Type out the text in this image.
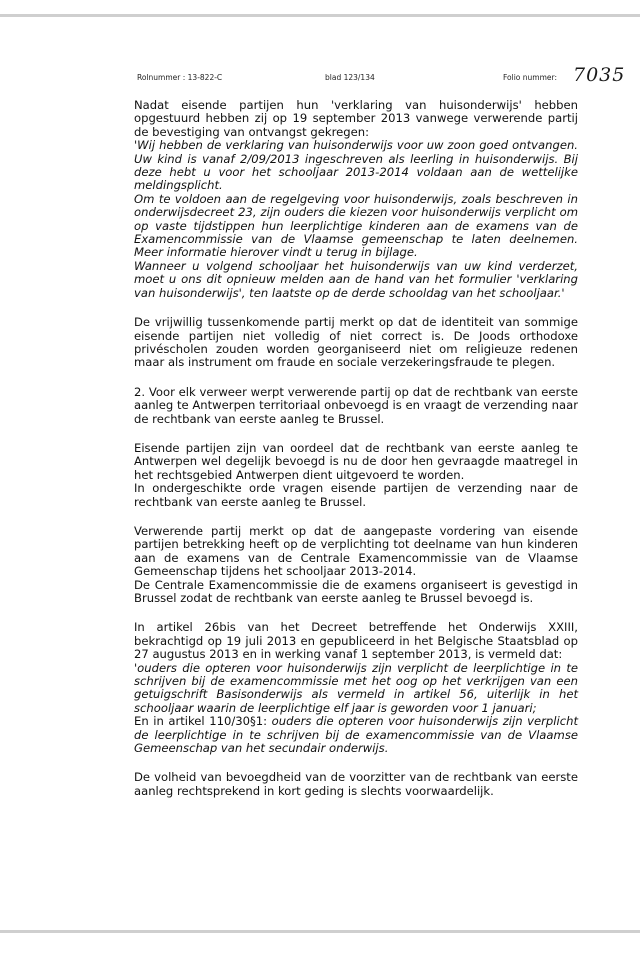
Rolnummer : 13-822-C	blad 123/134	Folio nummer: 7035

Nadat eisende partijen hun 'verklaring van huisonderwijs' hebben opgestuurd hebben zij op 19 september 2013 vanwege verwerende partij de bevestiging van ontvangst gekregen:
'Wij hebben de verklaring van huisonderwijs voor uw zoon goed ontvangen. Uw kind is vanaf 2/09/2013 ingeschreven als leerling in huisonderwijs. Bij deze hebt u voor het schooljaar 2013-2014 voldaan aan de wettelijke meldingsplicht.
Om te voldoen aan de regelgeving voor huisonderwijs, zoals beschreven in onderwijsdecreet 23, zijn ouders die kiezen voor huisonderwijs verplicht om op vaste tijdstippen hun leerplichtige kinderen aan de examens van de Examencommissie van de Vlaamse gemeenschap te laten deelnemen. Meer informatie hierover vindt u terug in bijlage.
Wanneer u volgend schooljaar het huisonderwijs van uw kind verderzet, moet u ons dit opnieuw melden aan de hand van het formulier 'verklaring van huisonderwijs', ten laatste op de derde schooldag van het schooljaar.'

De vrijwillig tussenkomende partij merkt op dat de identiteit van sommige eisende partijen niet volledig of niet correct is. De Joods orthodoxe privéscholen zouden worden georganiseerd niet om religieuze redenen maar als instrument om fraude en sociale verzekeringsfraude te plegen.

2. Voor elk verweer werpt verwerende partij op dat de rechtbank van eerste aanleg te Antwerpen territoriaal onbevoegd is en vraagt de verzending naar de rechtbank van eerste aanleg te Brussel.

Eisende partijen zijn van oordeel dat de rechtbank van eerste aanleg te Antwerpen wel degelijk bevoegd is nu de door hen gevraagde maatregel in het rechtsgebied Antwerpen dient uitgevoerd te worden.
In ondergeschikte orde vragen eisende partijen de verzending naar de rechtbank van eerste aanleg te Brussel.

Verwerende partij merkt op dat de aangepaste vordering van eisende partijen betrekking heeft op de verplichting tot deelname van hun kinderen aan de examens van de Centrale Examencommissie van de Vlaamse Gemeenschap tijdens het schooljaar 2013-2014.
De Centrale Examencommissie die de examens organiseert is gevestigd in Brussel zodat de rechtbank van eerste aanleg te Brussel bevoegd is.

In artikel 26bis van het Decreet betreffende het Onderwijs XXIII, bekrachtigd op 19 juli 2013 en gepubliceerd in het Belgische Staatsblad op 27 augustus 2013 en in werking vanaf 1 september 2013, is vermeld dat:
'ouders die opteren voor huisonderwijs zijn verplicht de leerplichtige in te schrijven bij de examencommissie met het oog op het verkrijgen van een getuigschrift Basisonderwijs als vermeld in artikel 56, uiterlijk in het schooljaar waarin de leerplichtige elf jaar is geworden voor 1 januari;
En in artikel 110/30§1: ouders die opteren voor huisonderwijs zijn verplicht de leerplichtige in te schrijven bij de examencommissie van de Vlaamse Gemeenschap van het secundair onderwijs.

De volheid van bevoegdheid van de voorzitter van de rechtbank van eerste aanleg rechtsprekend in kort geding is slechts voorwaardelijk.
